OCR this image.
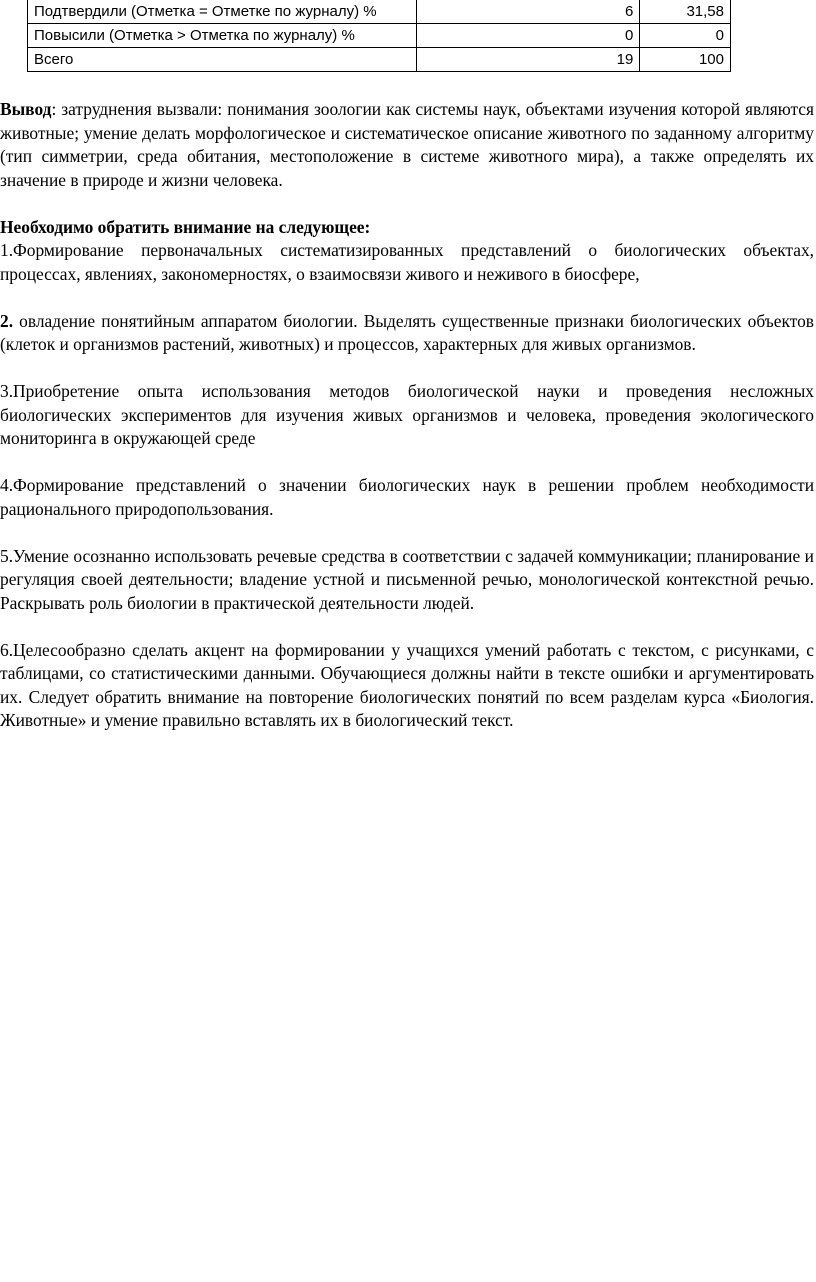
Подтвердили (Отметка = Отметке по журналу) %	6	31,58
Повысили (Отметка > Отметка по журналу) %	0	0
Всего	19	100

Вывод: затруднения вызвали: понимания зоологии как системы наук, объектами изучения которой являются животные; умение делать морфологическое и систематическое описание животного по заданному алгоритму (тип симметрии, среда обитания, местоположение в системе животного мира), а также определять их значение в природе и жизни человека.

Необходимо обратить внимание на следующее:

1.Формирование первоначальных систематизированных представлений о биологических объектах, процессах, явлениях, закономерностях, о взаимосвязи живого и неживого в биосфере,

2. овладение понятийным аппаратом биологии. Выделять существенные признаки биологических объектов (клеток и организмов растений, животных) и процессов, характерных для живых организмов.

3.Приобретение опыта использования методов биологической науки и проведения несложных биологических экспериментов для изучения живых организмов и человека, проведения экологического мониторинга в окружающей среде

4.Формирование представлений о значении биологических наук в решении проблем необходимости рационального природопользования.

5.Умение осознанно использовать речевые средства в соответствии с задачей коммуникации; планирование и регуляция своей деятельности; владение устной и письменной речью, монологической контекстной речью. Раскрывать роль биологии в практической деятельности людей.

6.Целесообразно сделать акцент на формировании у учащихся умений работать с текстом, с рисунками, с таблицами, со статистическими данными. Обучающиеся должны найти в тексте ошибки и аргументировать их. Следует обратить внимание на повторение биологических понятий по всем разделам курса «Биология. Животные» и умение правильно вставлять их в биологический текст.
